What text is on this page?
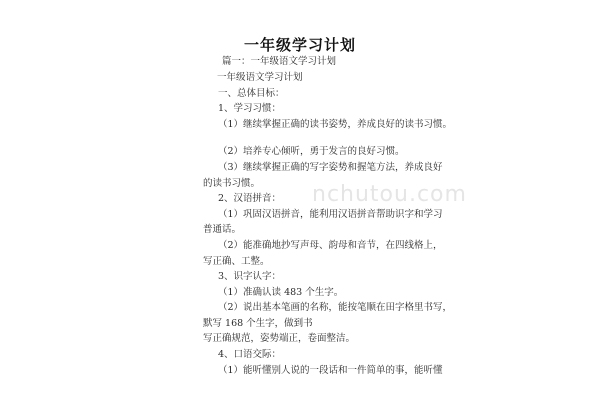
一年级学习计划
篇一：一年级语文学习计划
一年级语文学习计划
一、总体目标：
1、学习习惯：
（1）继续掌握正确的读书姿势，养成良好的读书习惯。
（2）培养专心倾听，勇于发言的良好习惯。
（3）继续掌握正确的写字姿势和握笔方法，养成良好
的读书习惯。
2、汉语拼音：
（1）巩固汉语拼音，能利用汉语拼音帮助识字和学习
普通话。
（2）能准确地抄写声母、韵母和音节，在四线格上，
写正确、工整。
3、识字认字：
（1）准确认读 483 个生字。
（2）说出基本笔画的名称，能按笔顺在田字格里书写，
默写 168 个生字，做到书
写正确规范，姿势端正，卷面整洁。
4、口语交际：
（1）能听懂别人说的一段话和一件简单的事，能听懂
nchutou.com
